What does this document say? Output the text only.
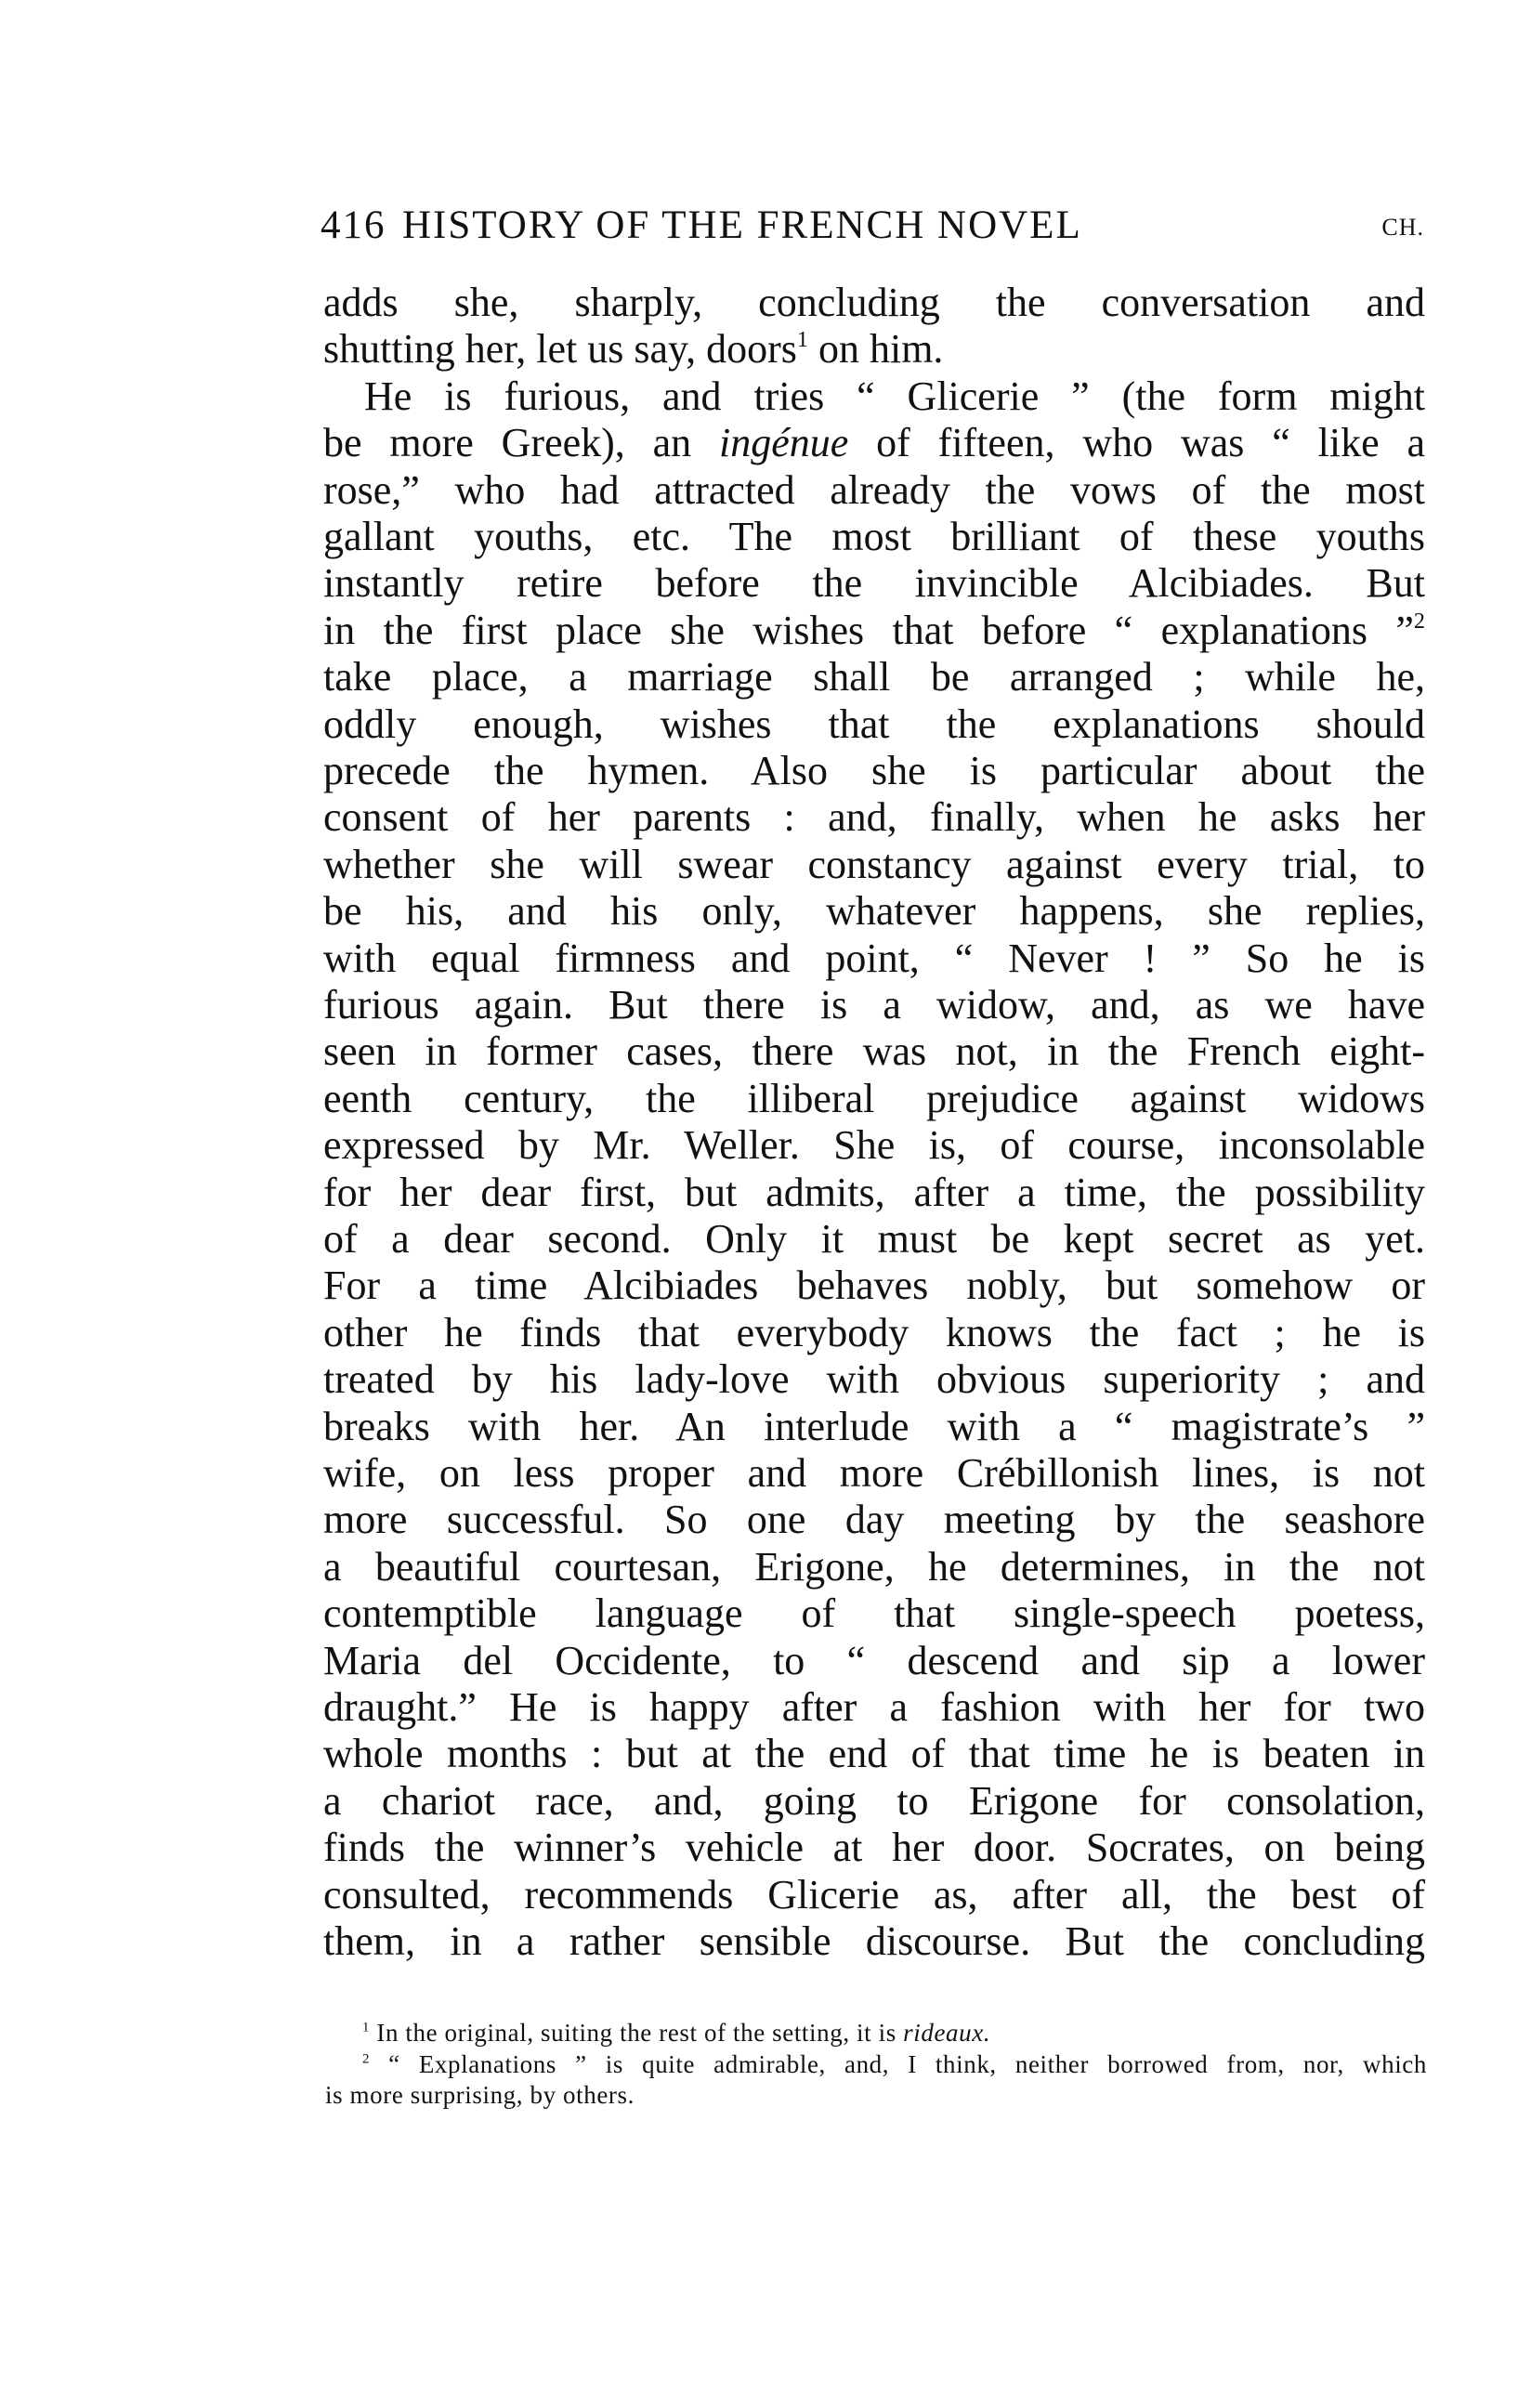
416 HISTORY OF THE FRENCH NOVEL	CH.
adds she, sharply, concluding the conversation and
shutting her, let us say, doors$^1$ on him.
He is furious, and tries “ Glicerie ” (the form might
be more Greek), an ingénue of fifteen, who was “ like a
rose,” who had attracted already the vows of the most
gallant youths, etc. The most brilliant of these youths
instantly retire before the invincible Alcibiades. But
in the first place she wishes that before “ explanations ”$^2$
take place, a marriage shall be arranged ; while he,
oddly enough, wishes that the explanations should
precede the hymen. Also she is particular about the
consent of her parents : and, finally, when he asks her
whether she will swear constancy against every trial, to
be his, and his only, whatever happens, she replies,
with equal firmness and point, “ Never ! ” So he is
furious again. But there is a widow, and, as we have
seen in former cases, there was not, in the French eight-
eenth century, the illiberal prejudice against widows
expressed by Mr. Weller. She is, of course, inconsolable
for her dear first, but admits, after a time, the possibility
of a dear second. Only it must be kept secret as yet.
For a time Alcibiades behaves nobly, but somehow or
other he finds that everybody knows the fact ; he is
treated by his lady-love with obvious superiority ; and
breaks with her. An interlude with a “ magistrate’s ”
wife, on less proper and more Crébillonish lines, is not
more successful. So one day meeting by the seashore
a beautiful courtesan, Erigone, he determines, in the not
contemptible language of that single-speech poetess,
Maria del Occidente, to “ descend and sip a lower
draught.” He is happy after a fashion with her for two
whole months : but at the end of that time he is beaten in
a chariot race, and, going to Erigone for consolation,
finds the winner’s vehicle at her door. Socrates, on being
consulted, recommends Glicerie as, after all, the best of
them, in a rather sensible discourse. But the concluding
$^1$ In the original, suiting the rest of the setting, it is rideaux.
$^2$ “ Explanations ” is quite admirable, and, I think, neither borrowed from, nor, which
is more surprising, by others.
